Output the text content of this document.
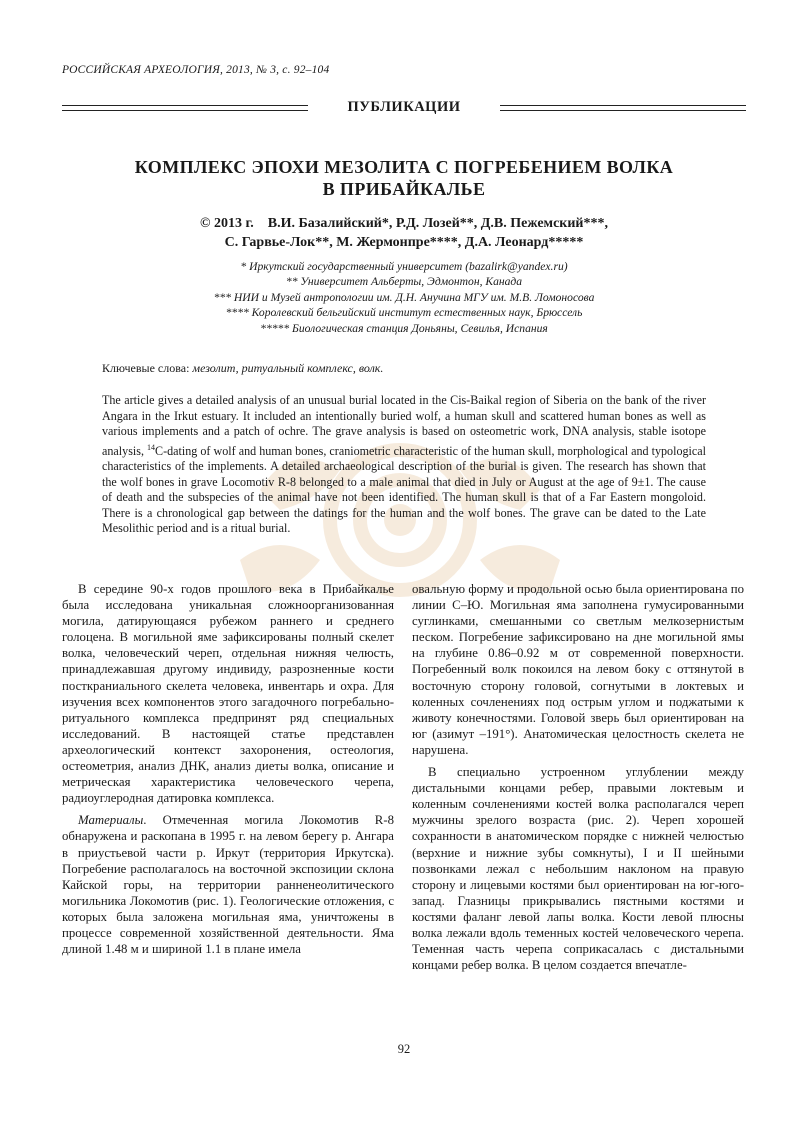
РОССИЙСКАЯ АРХЕОЛОГИЯ, 2013, № 3, с. 92–104
ПУБЛИКАЦИИ
КОМПЛЕКС ЭПОХИ МЕЗОЛИТА С ПОГРЕБЕНИЕМ ВОЛКА
В ПРИБАЙКАЛЬЕ
© 2013 г.    В.И. Базалийский*, Р.Д. Лозей**, Д.В. Пежемский***,
С. Гарвье-Лок**, М. Жермонпре****, Д.А. Леонард*****
* Иркутский государственный университет (bazalirk@yandex.ru)
** Университет Альберты, Эдмонтон, Канада
*** НИИ и Музей антропологии им. Д.Н. Анучина МГУ им. М.В. Ломоносова
**** Королевский бельгийский институт естественных наук, Брюссель
***** Биологическая станция Доньяны, Севилья, Испания
Ключевые слова: мезолит, ритуальный комплекс, волк.
The article gives a detailed analysis of an unusual burial located in the Cis-Baikal region of Siberia on the bank of the river Angara in the Irkut estuary. It included an intentionally buried wolf, a human skull and scattered human bones as well as various implements and a patch of ochre. The grave analysis is based on osteometric work, DNA analysis, stable isotope analysis, $^{14}$C-dating of wolf and human bones, craniometric characteristic of the human skull, morphological and typological characteristics of the implements. A detailed archaeological description of the burial is given. The research has shown that the wolf bones in grave Locomotiv R-8 belonged to a male animal that died in July or August at the age of 9±1. The cause of death and the subspecies of the animal have not been identified. The human skull is that of a Far Eastern mongoloid. There is a chronological gap between the datings for the human and the wolf bones. The grave can be dated to the Late Mesolithic period and is a ritual burial.

В середине 90-х годов прошлого века в Прибайкалье была исследована уникальная сложноорганизованная могила, датирующаяся рубежом раннего и среднего голоцена. В могильной яме зафиксированы полный скелет волка, человеческий череп, отдельная нижняя челюсть, принадлежавшая другому индивиду, разрозненные кости посткраниального скелета человека, инвентарь и охра. Для изучения всех компонентов этого загадочного погребально-ритуального комплекса предпринят ряд специальных исследований. В настоящей статье представлен археологический контекст захоронения, остеология, остеометрия, анализ ДНК, анализ диеты волка, описание и метрическая характеристика человеческого черепа, радиоуглеродная датировка комплекса.

Материалы. Отмеченная могила Локомотив R-8 обнаружена и раскопана в 1995 г. на левом берегу р. Ангара в приустьевой части р. Иркут (территория Иркутска). Погребение располагалось на восточной экспозиции склона Кайской горы, на территории ранненеолитического могильника Локомотив (рис. 1). Геологические отложения, с которых была заложена могильная яма, уничтожены в процессе современной хозяйственной деятельности. Яма длиной 1.48 м и шириной 1.1 в плане имела

овальную форму и продольной осью была ориентирована по линии С–Ю. Могильная яма заполнена гумусированными суглинками, смешанными со светлым мелкозернистым песком. Погребение зафиксировано на дне могильной ямы на глубине 0.86–0.92 м от современной поверхности. Погребенный волк покоился на левом боку с оттянутой в восточную сторону головой, согнутыми в локтевых и коленных сочленениях под острым углом и поджатыми к животу конечностями. Головой зверь был ориентирован на юг (азимут –191°). Анатомическая целостность скелета не нарушена.

В специально устроенном углублении между дистальными концами ребер, правыми локтевым и коленным сочленениями костей волка располагался череп мужчины зрелого возраста (рис. 2). Череп хорошей сохранности в анатомическом порядке с нижней челюстью (верхние и нижние зубы сомкнуты), I и II шейными позвонками лежал с небольшим наклоном на правую сторону и лицевыми костями был ориентирован на юг-юго-запад. Глазницы прикрывались пястными костями и костями фаланг левой лапы волка. Кости левой плюсны волка лежали вдоль теменных костей человеческого черепа. Теменная часть черепа соприкасалась с дистальными концами ребер волка. В целом создается впечатле-

92
